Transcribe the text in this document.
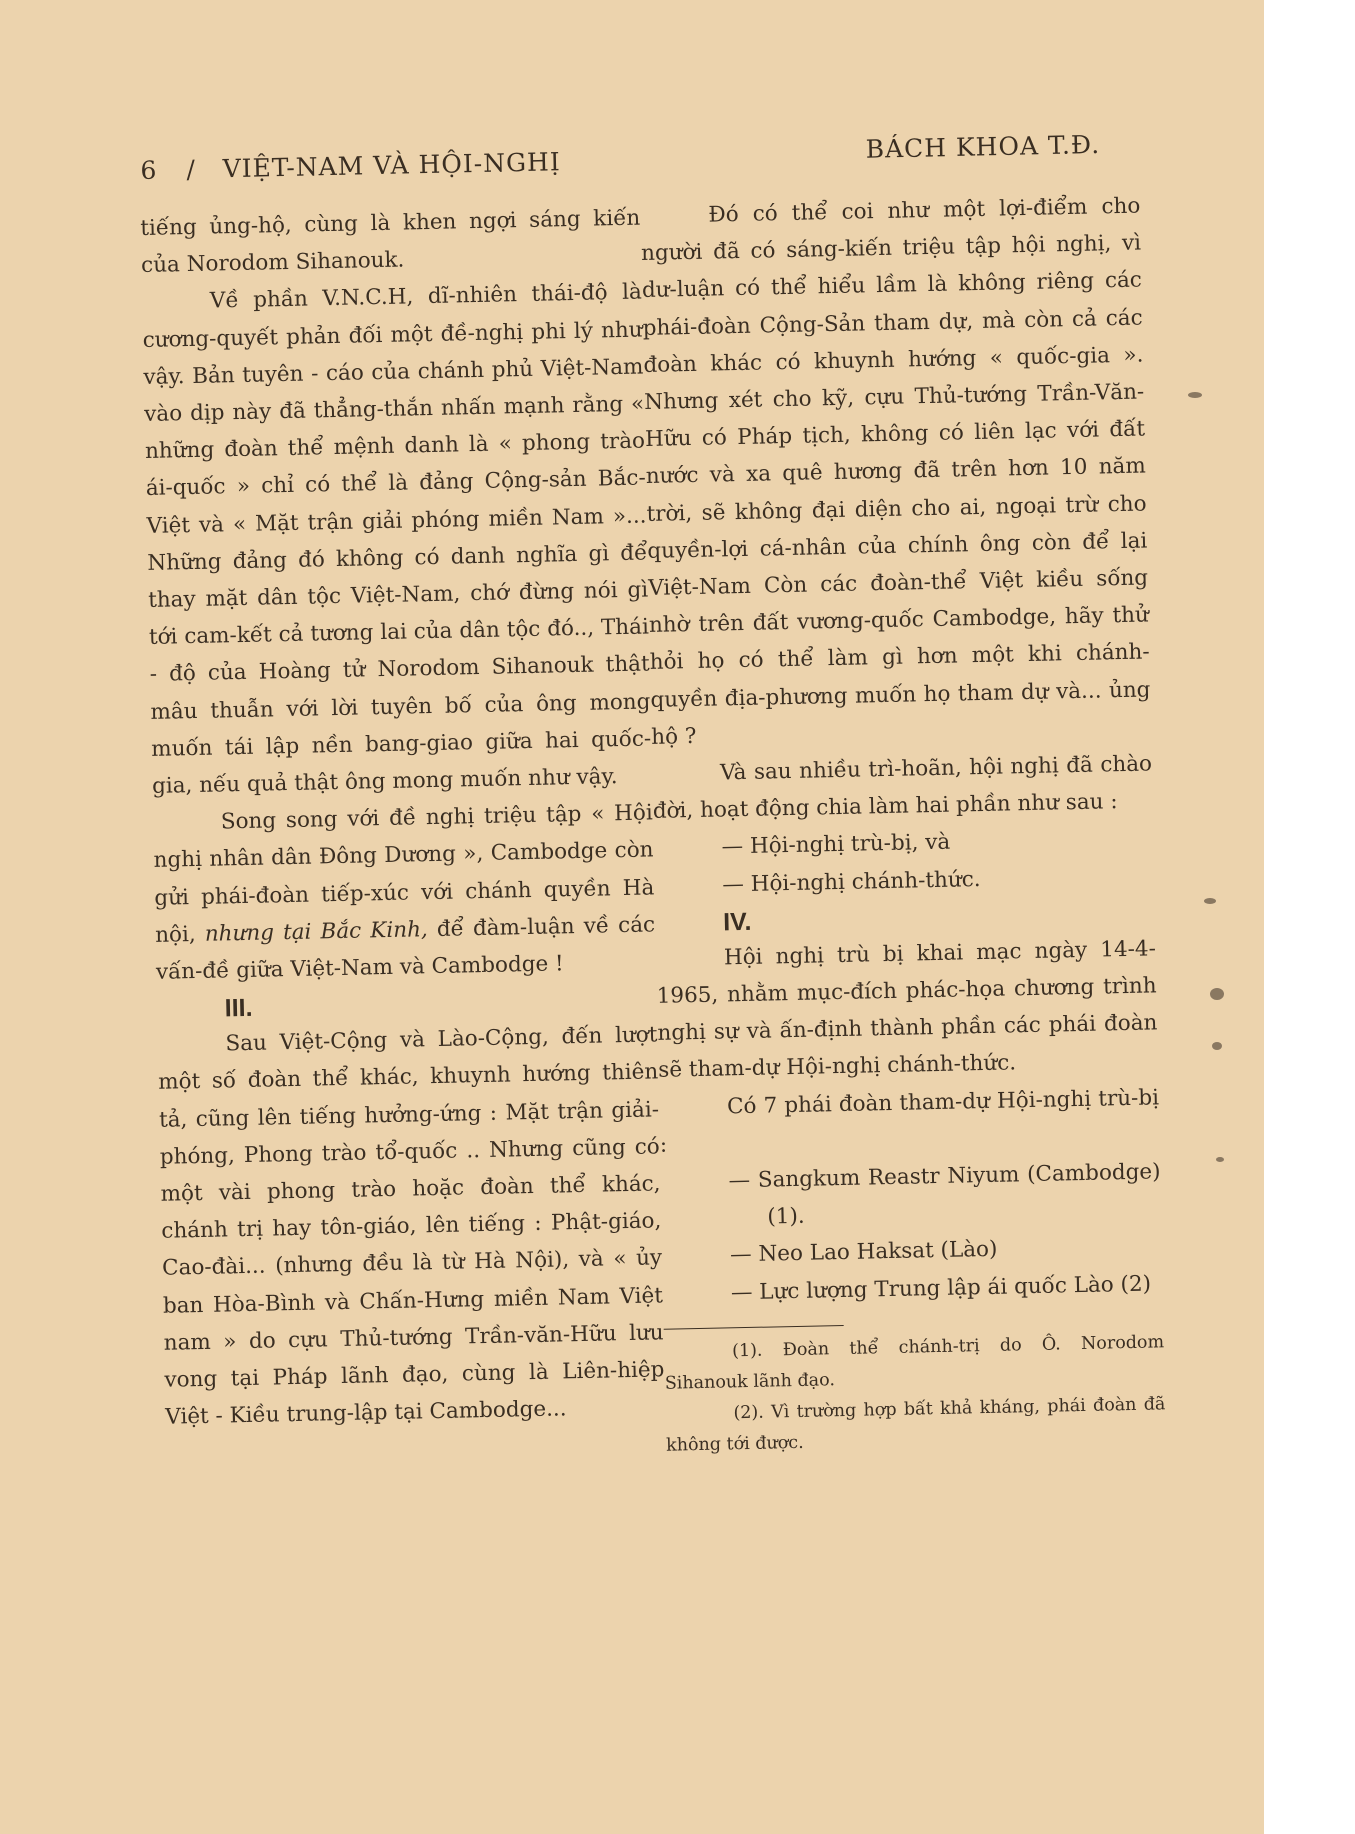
6 / VIỆT-NAM VÀ HỘI-NGHỊ
BÁCH KHOA T.Đ.

tiếng ủng-hộ, cùng là khen ngợi sáng kiến của Norodom Sihanouk.

Về phần V.N.C.H, dĩ-nhiên thái-độ là cương-quyết phản đối một đề-nghị phi lý như vậy. Bản tuyên - cáo của chánh phủ Việt-Nam vào dịp này đã thẳng-thắn nhấn mạnh rằng « những đoàn thể mệnh danh là « phong trào ái-quốc » chỉ có thể là đảng Cộng-sản Bắc-Việt và « Mặt trận giải phóng miền Nam »... Những đảng đó không có danh nghĩa gì để thay mặt dân tộc Việt-Nam, chớ đừng nói gì tới cam-kết cả tương lai của dân tộc đó.., Thái - độ của Hoàng tử Norodom Sihanouk thật mâu thuẫn với lời tuyên bố của ông mong muốn tái lập nền bang-giao giữa hai quốc-gia, nếu quả thật ông mong muốn như vậy.

Song song với đề nghị triệu tập « Hội nghị nhân dân Đông Dương », Cambodge còn gửi phái-đoàn tiếp-xúc với chánh quyền Hà nội, nhưng tại Bắc Kinh, để đàm-luận về các vấn-đề giữa Việt-Nam và Cambodge !

III.

Sau Việt-Cộng và Lào-Cộng, đến lượt một số đoàn thể khác, khuynh hướng thiên tả, cũng lên tiếng hưởng-ứng : Mặt trận giải-phóng, Phong trào tổ-quốc .. Nhưng cũng có một vài phong trào hoặc đoàn thể khác, chánh trị hay tôn-giáo, lên tiếng : Phật-giáo, Cao-đài... (nhưng đều là từ Hà Nội), và « ủy ban Hòa-Bình và Chấn-Hưng miền Nam Việt nam » do cựu Thủ-tướng Trần-văn-Hữu lưu vong tại Pháp lãnh đạo, cùng là Liên-hiệp Việt - Kiều trung-lập tại Cambodge...

Đó có thể coi như một lợi-điểm cho người đã có sáng-kiến triệu tập hội nghị, vì dư-luận có thể hiểu lầm là không riêng các phái-đoàn Cộng-Sản tham dự, mà còn cả các đoàn khác có khuynh hướng « quốc-gia ». Nhưng xét cho kỹ, cựu Thủ-tướng Trần-Văn-Hữu có Pháp tịch, không có liên lạc với đất nước và xa quê hương đã trên hơn 10 năm trời, sẽ không đại diện cho ai, ngoại trừ cho quyền-lợi cá-nhân của chính ông còn để lại Việt-Nam Còn các đoàn-thể Việt kiều sống nhờ trên đất vương-quốc Cambodge, hãy thử hỏi họ có thể làm gì hơn một khi chánh-quyền địa-phương muốn họ tham dự và... ủng hộ ?

Và sau nhiều trì-hoãn, hội nghị đã chào đời, hoạt động chia làm hai phần như sau :

— Hội-nghị trù-bị, và

— Hội-nghị chánh-thức.

IV.

Hội nghị trù bị khai mạc ngày 14-4-1965, nhằm mục-đích phác-họa chương trình nghị sự và ấn-định thành phần các phái đoàn sẽ tham-dự Hội-nghị chánh-thức.

Có 7 phái đoàn tham-dự Hội-nghị trù-bị :

— Sangkum Reastr Niyum (Cambodge) (1).

— Neo Lao Haksat (Lào)

— Lực lượng Trung lập ái quốc Lào (2)

(1). Đoàn thể chánh-trị do Ô. Norodom Sihanouk lãnh đạo.

(2). Vì trường hợp bất khả kháng, phái đoàn đã không tới được.
